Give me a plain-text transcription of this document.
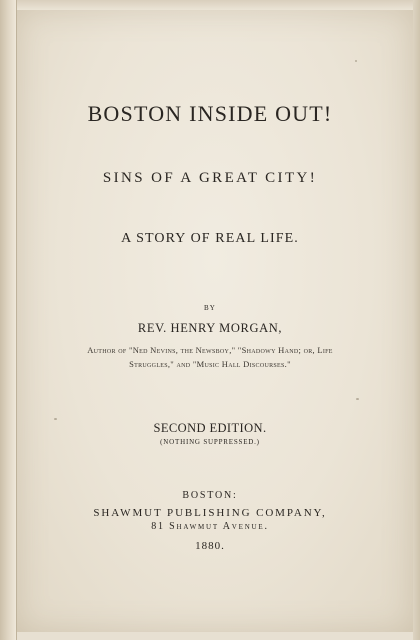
BOSTON INSIDE OUT!
SINS OF A GREAT CITY!
A STORY OF REAL LIFE.
BY
REV. HENRY MORGAN,
Author of "Ned Nevins, the Newsboy," "Shadowy Hand; or, Life
Struggles," and "Music Hall Discourses."
SECOND EDITION.
(NOTHING SUPPRESSED.)
BOSTON:
SHAWMUT PUBLISHING COMPANY,
81 Shawmut Avenue.
1880.
